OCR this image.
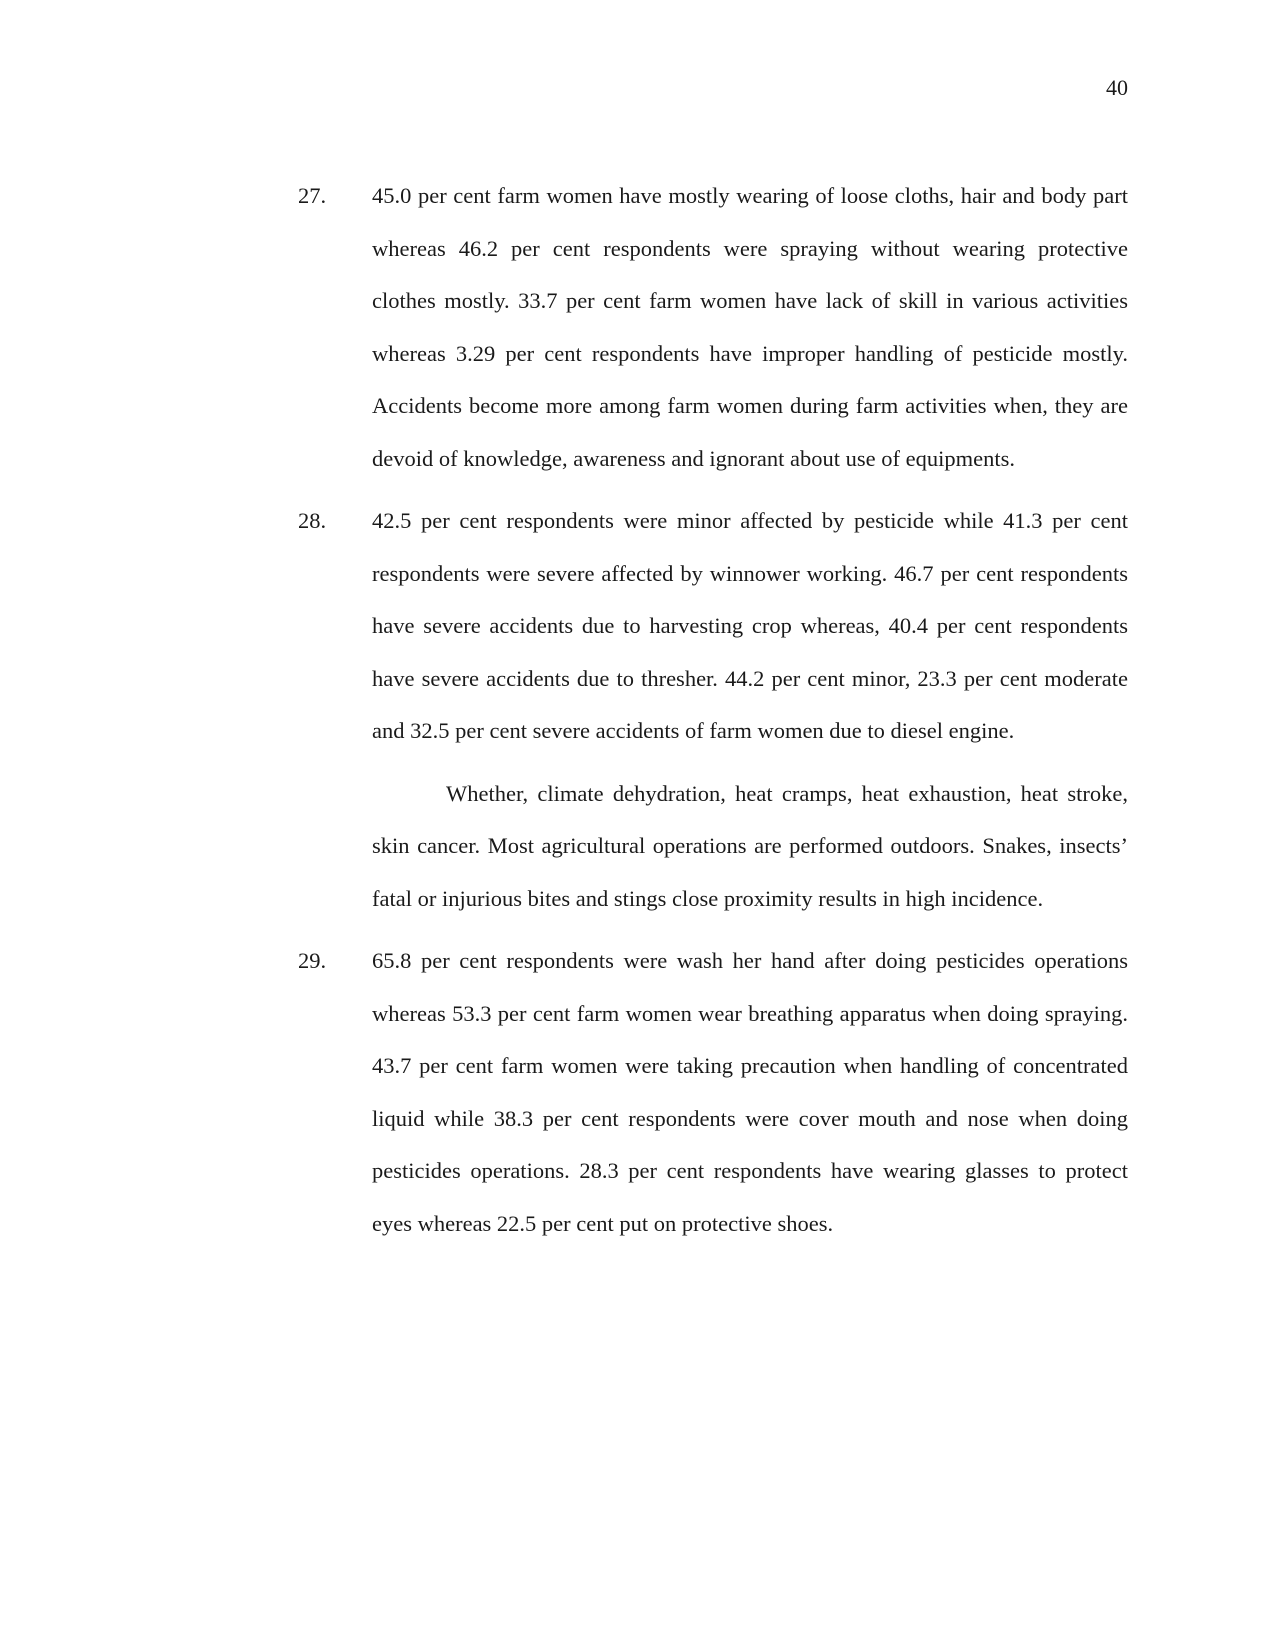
40
27. 45.0 per cent farm women have mostly wearing of loose cloths, hair and body part whereas 46.2 per cent respondents were spraying without wearing protective clothes mostly. 33.7 per cent farm women have lack of skill in various activities whereas 3.29 per cent respondents have improper handling of pesticide mostly. Accidents become more among farm women during farm activities when, they are devoid of knowledge, awareness and ignorant about use of equipments.

28. 42.5 per cent respondents were minor affected by pesticide while 41.3 per cent respondents were severe affected by winnower working. 46.7 per cent respondents have severe accidents due to harvesting crop whereas, 40.4 per cent respondents have severe accidents due to thresher. 44.2 per cent minor, 23.3 per cent moderate and 32.5 per cent severe accidents of farm women due to diesel engine.

Whether, climate dehydration, heat cramps, heat exhaustion, heat stroke, skin cancer. Most agricultural operations are performed outdoors. Snakes, insects’ fatal or injurious bites and stings close proximity results in high incidence.

29. 65.8 per cent respondents were wash her hand after doing pesticides operations whereas 53.3 per cent farm women wear breathing apparatus when doing spraying. 43.7 per cent farm women were taking precaution when handling of concentrated liquid while 38.3 per cent respondents were cover mouth and nose when doing pesticides operations. 28.3 per cent respondents have wearing glasses to protect eyes whereas 22.5 per cent put on protective shoes.
